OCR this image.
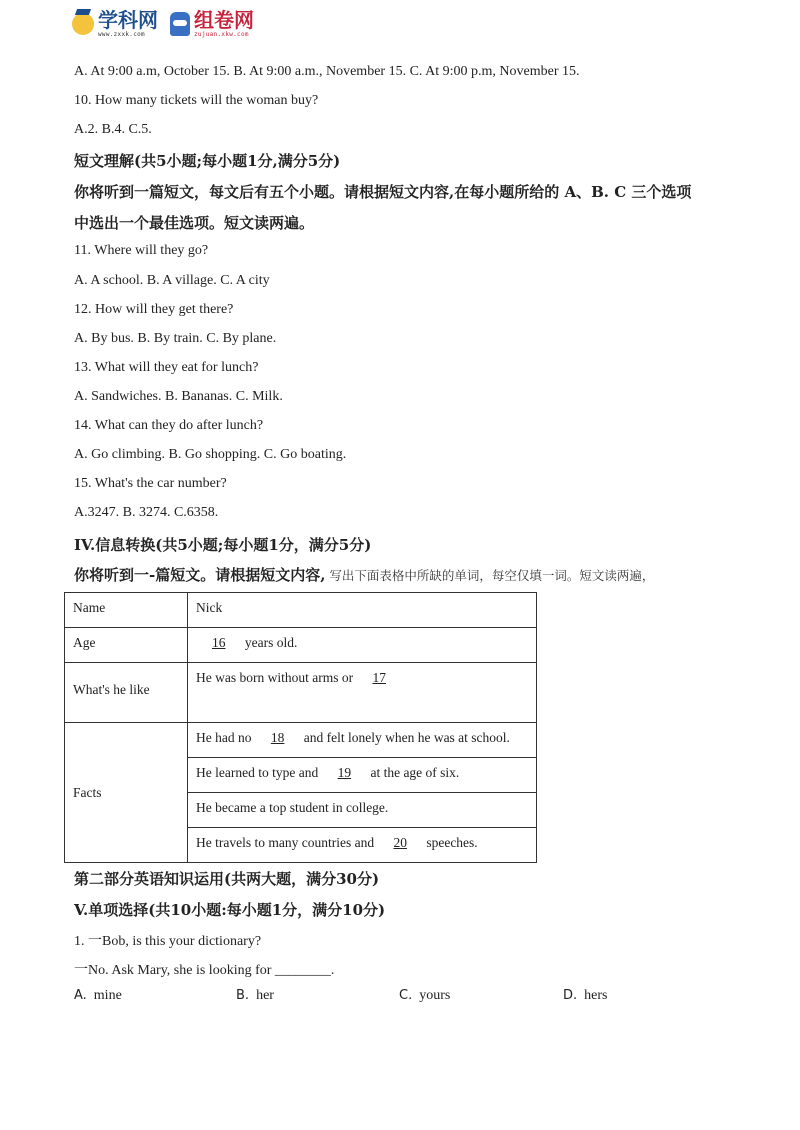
学科网
www.zxxk.com
组卷网
zujuan.xkw.com
A. At 9:00 a.m, October 15. B. At 9:00 a.m., November 15. C. At 9:00 p.m, November 15.
10. How many tickets will the woman buy?
A.2. B.4. C.5.
短文理解(共5小题;每小题1分,满分5分)
你将听到一篇短文，每文后有五个小题。请根据短文内容,在每小题所给的 A、B. C 三个选项
中选出一个最佳选项。短文读两遍。
11. Where will they go?
A. A school. B. A village. C. A city
12. How will they get there?
A. By bus. B. By train. C. By plane.
13. What will they eat for lunch?
A. Sandwiches. B. Bananas. C. Milk.
14. What can they do after lunch?
A. Go climbing. B. Go shopping. C. Go boating.
15. What's the car number?
A.3247. B. 3274. C.6358.
IV.信息转换(共5小题;每小题1分，满分5分)
你将听到一-篇短文。请根据短文内容, 写出下面表格中所缺的单词，每空仅填一词。短文读两遍，
Name	Nick
Age	16 years old.
What's he like	He was born without arms or 17
Facts	He had no 18 and felt lonely when he was at school.
	He learned to type and 19 at the age of six.
	He became a top student in college.
	He travels to many countries and 20 speeches.
第二部分英语知识运用(共两大题，满分30分)
V.单项选择(共10小题:每小题1分，满分10分)
1. 一Bob, is this your dictionary?
一No. Ask Mary, she is looking for ________.
A. mine	B. her	C. yours	D. hers
